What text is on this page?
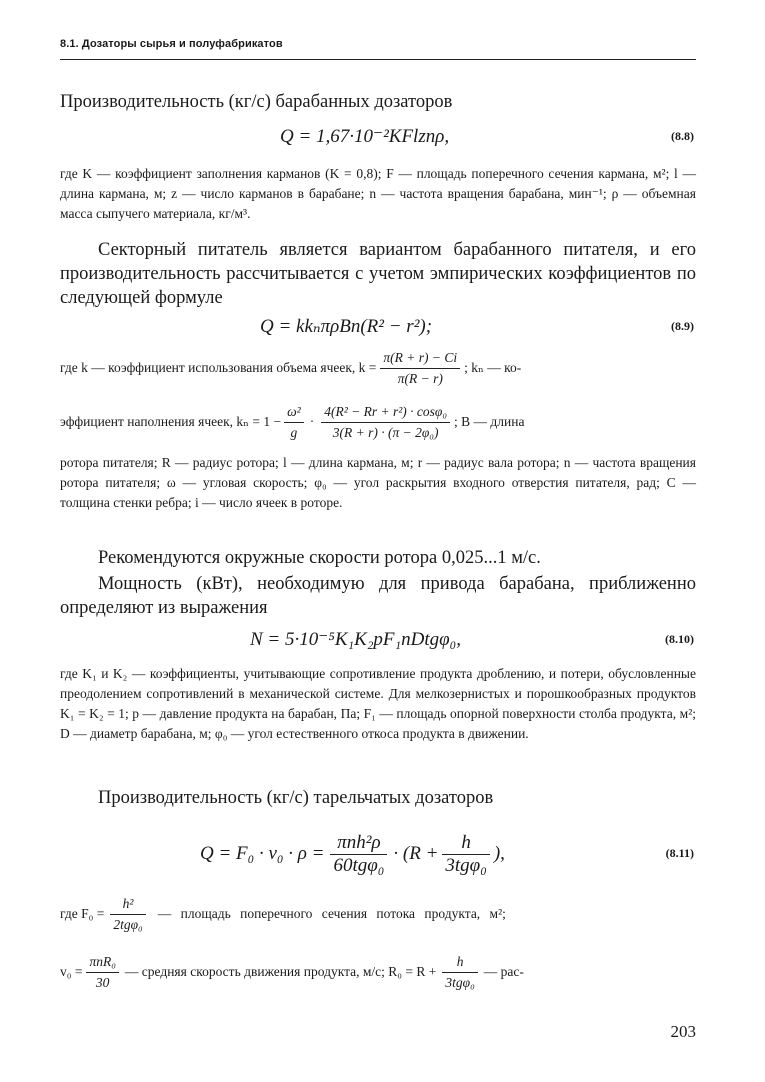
8.1. Дозаторы сырья и полуфабрикатов
Производительность (кг/с) барабанных дозаторов
Q = 1,67·10⁻²KFlznρ,	(8.8)
где K — коэффициент заполнения карманов (K = 0,8); F — площадь поперечного сечения кармана, м²; l — длина кармана, м; z — число карманов в барабане; n — частота вращения барабана, мин⁻¹; ρ — объемная масса сыпучего материала, кг/м³.
Секторный питатель является вариантом барабанного питателя, и его производительность рассчитывается с учетом эмпирических коэффициентов по следующей формуле
Q = kkₙπρBn(R² − r²);	(8.9)
где k — коэффициент использования объема ячеек, $k = \frac{\pi(R + r) - Ci}{\pi(R - r)}$ ; kₙ — ко-
эффициент наполнения ячеек, $k_n = 1 - \frac{\text{ω²}}{g} \cdot \frac{\text{4(R² − Rr + r²) · cosφ₀}}{\text{3(R + r) · (π − 2φ₀)}}$ ; B — длина
ротора питателя; R — радиус ротора; l — длина кармана, м; r — радиус вала ротора; n — частота вращения ротора питателя; ω — угловая скорость; φ₀ — угол раскрытия входного отверстия питателя, рад; C — толщина стенки ребра; i — число ячеек в роторе.
Рекомендуются окружные скорости ротора 0,025...1 м/с.
Мощность (кВт), необходимую для привода барабана, приближенно определяют из выражения
N = 5·10⁻⁵K₁K₂pF₁nDtgφ₀,	(8.10)
где K₁ и K₂ — коэффициенты, учитывающие сопротивление продукта дроблению, и потери, обусловленные преодолением сопротивлений в механической системе. Для мелкозернистых и порошкообразных продуктов K₁ = K₂ = 1; p — давление продукта на барабан, Па; F₁ — площадь опорной поверхности столба продукта, м²; D — диаметр барабана, м; φ₀ — угол естественного откоса продукта в движении.
Производительность (кг/с) тарельчатых дозаторов
$Q = F_0 \cdot v_0 \cdot \rho = \frac{\text{πnh²ρ}}{\text{60tgφ₀}} \cdot (R + \frac{h}{\text{3tgφ₀}}$ ),	(8.11)
где $F_0 = \frac{\text{h²}}{\text{2tgφ₀}}$ — площадь поперечного сечения потока продукта, м²;
$v_0 = \frac{\text{πnR₀}}{30}$ — средняя скорость движения продукта, м/с; $R_0 = R + \frac{h}{\text{3tgφ₀}}$ — рас-
203
